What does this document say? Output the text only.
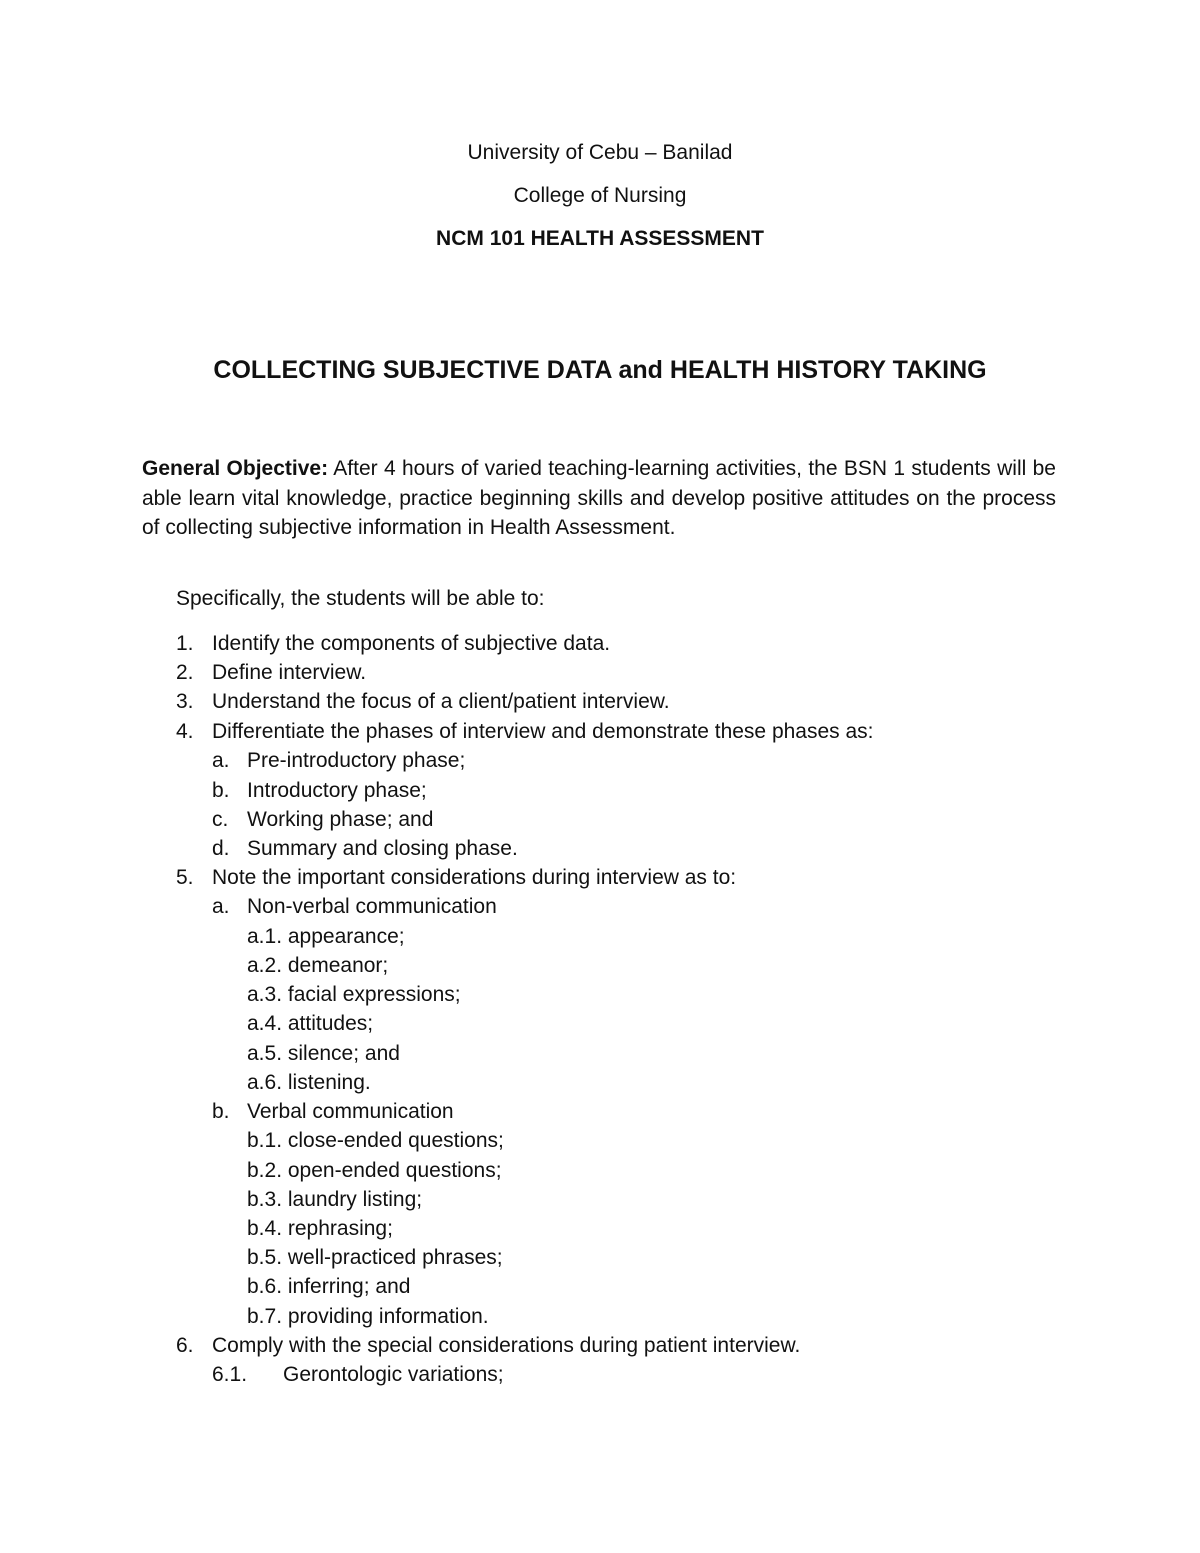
University of Cebu – Banilad
College of Nursing
NCM 101 HEALTH ASSESSMENT
COLLECTING SUBJECTIVE DATA and HEALTH HISTORY TAKING
General Objective: After 4 hours of varied teaching-learning activities, the BSN 1 students will be able learn vital knowledge, practice beginning skills and develop positive attitudes on the process of collecting subjective information in Health Assessment.
Specifically, the students will be able to:
1. Identify the components of subjective data.
2. Define interview.
3. Understand the focus of a client/patient interview.
4. Differentiate the phases of interview and demonstrate these phases as:
a. Pre-introductory phase;
b. Introductory phase;
c. Working phase; and
d. Summary and closing phase.
5. Note the important considerations during interview as to:
a. Non-verbal communication
a.1. appearance;
a.2. demeanor;
a.3. facial expressions;
a.4. attitudes;
a.5. silence; and
a.6. listening.
b. Verbal communication
b.1. close-ended questions;
b.2. open-ended questions;
b.3. laundry listing;
b.4. rephrasing;
b.5. well-practiced phrases;
b.6. inferring; and
b.7. providing information.
6. Comply with the special considerations during patient interview.
6.1. Gerontologic variations;
